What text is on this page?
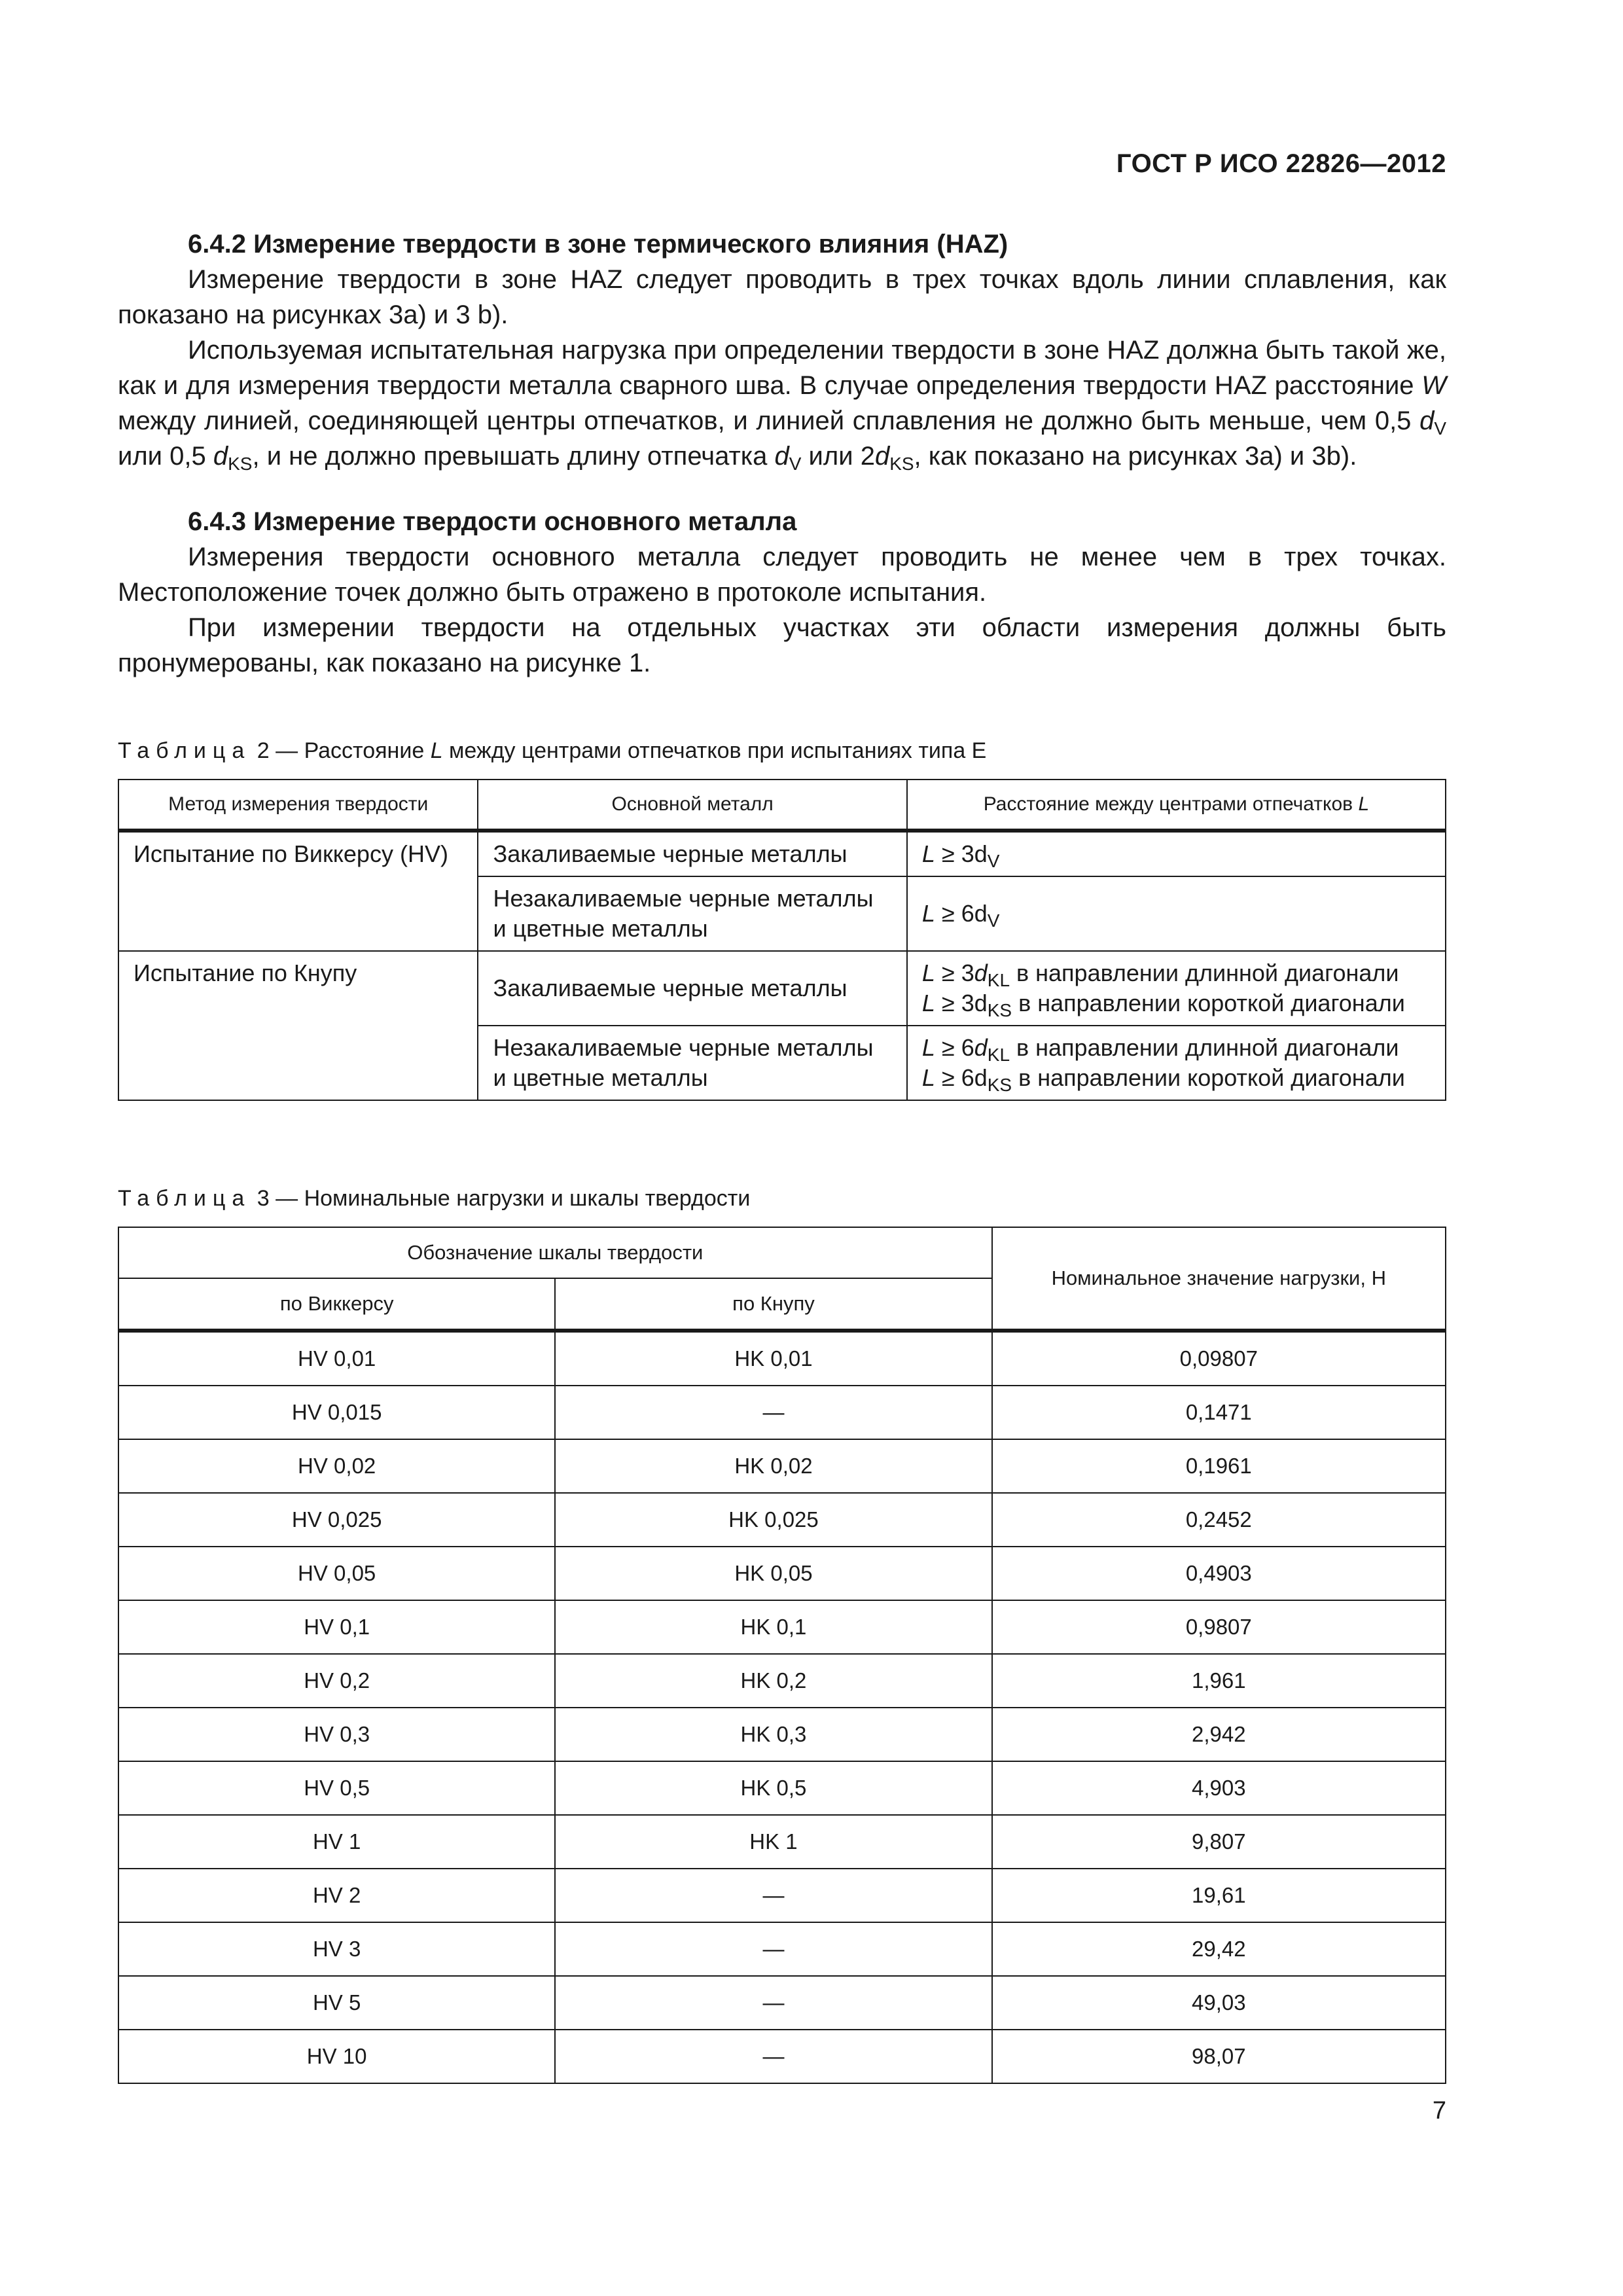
ГОСТ Р ИСО 22826—2012

6.4.2 Измерение твердости в зоне термического влияния (HAZ)

Измерение твердости в зоне HAZ следует проводить в трех точках вдоль линии сплавления, как показано на рисунках 3a) и 3 b).

Используемая испытательная нагрузка при определении твердости в зоне HAZ должна быть такой же, как и для измерения твердости металла сварного шва. В случае определения твердости HAZ расстояние W между линией, соединяющей центры отпечатков, и линией сплавления не должно быть меньше, чем 0,5 $d_V$ или 0,5 $d_{KS}$, и не должно превышать длину отпечатка $d_V$ или $2d_{KS}$, как показано на рисунках 3a) и 3b).

6.4.3 Измерение твердости основного металла

Измерения твердости основного металла следует проводить не менее чем в трех точках. Местоположение точек должно быть отражено в протоколе испытания.

При измерении твердости на отдельных участках эти области измерения должны быть пронумерованы, как показано на рисунке 1.

Таблица 2 — Расстояние L между центрами отпечатков при испытаниях типа E
Метод измерения твердости	Основной металл	Расстояние между центрами отпечатков L
Испытание по Виккерсу (HV)	Закаливаемые черные металлы	$L \ge 3d_V$
	Незакаливаемые черные металлы и цветные металлы	$L \ge 6d_V$
Испытание по Кнупу	Закаливаемые черные металлы	$L \ge 3d_{KL}$ в направлении длинной диагонали
$L \ge 3d_{KS}$ в направлении короткой диагонали

	Незакаливаемые черные металлы и цветные металлы	$L \ge 6d_{KL}$ в направлении длинной диагонали
$L \ge 6d_{KS}$ в направлении короткой диагонали
Таблица 3 — Номинальные нагрузки и шкалы твердости
Обозначение шкалы твердости		Номинальное значение нагрузки, Н
по Виккерсу	по Кнупу	
HV 0,01	HK 0,01	0,09807
HV 0,015	—	0,1471
HV 0,02	HK 0,02	0,1961
HV 0,025	HK 0,025	0,2452
HV 0,05	HK 0,05	0,4903
HV 0,1	HK 0,1	0,9807
HV 0,2	HK 0,2	1,961
HV 0,3	HK 0,3	2,942
HV 0,5	HK 0,5	4,903
HV 1	HK 1	9,807
HV 2	—	19,61
HV 3	—	29,42
HV 5	—	49,03
HV 10	—	98,07
7
